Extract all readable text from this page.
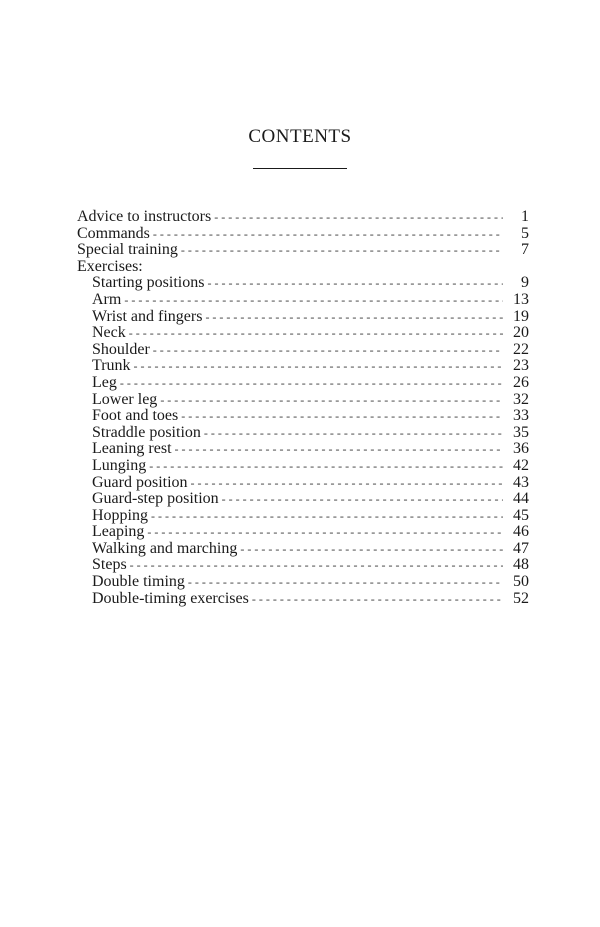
CONTENTS
Advice to instructors - - -	1
Commands - - -	5
Special training - - -	7
Exercises:
Starting positions - - -	9
Arm - - -	13
Wrist and fingers - - -	19
Neck - - -	20
Shoulder - - -	22
Trunk - - -	23
Leg - - -	26
Lower leg - - -	32
Foot and toes - - -	33
Straddle position - - -	35
Leaning rest - - -	36
Lunging - - -	42
Guard position - - -	43
Guard-step position - - -	44
Hopping - - -	45
Leaping - - -	46
Walking and marching - - -	47
Steps - - -	48
Double timing - - -	50
Double-timing exercises - - -	52
